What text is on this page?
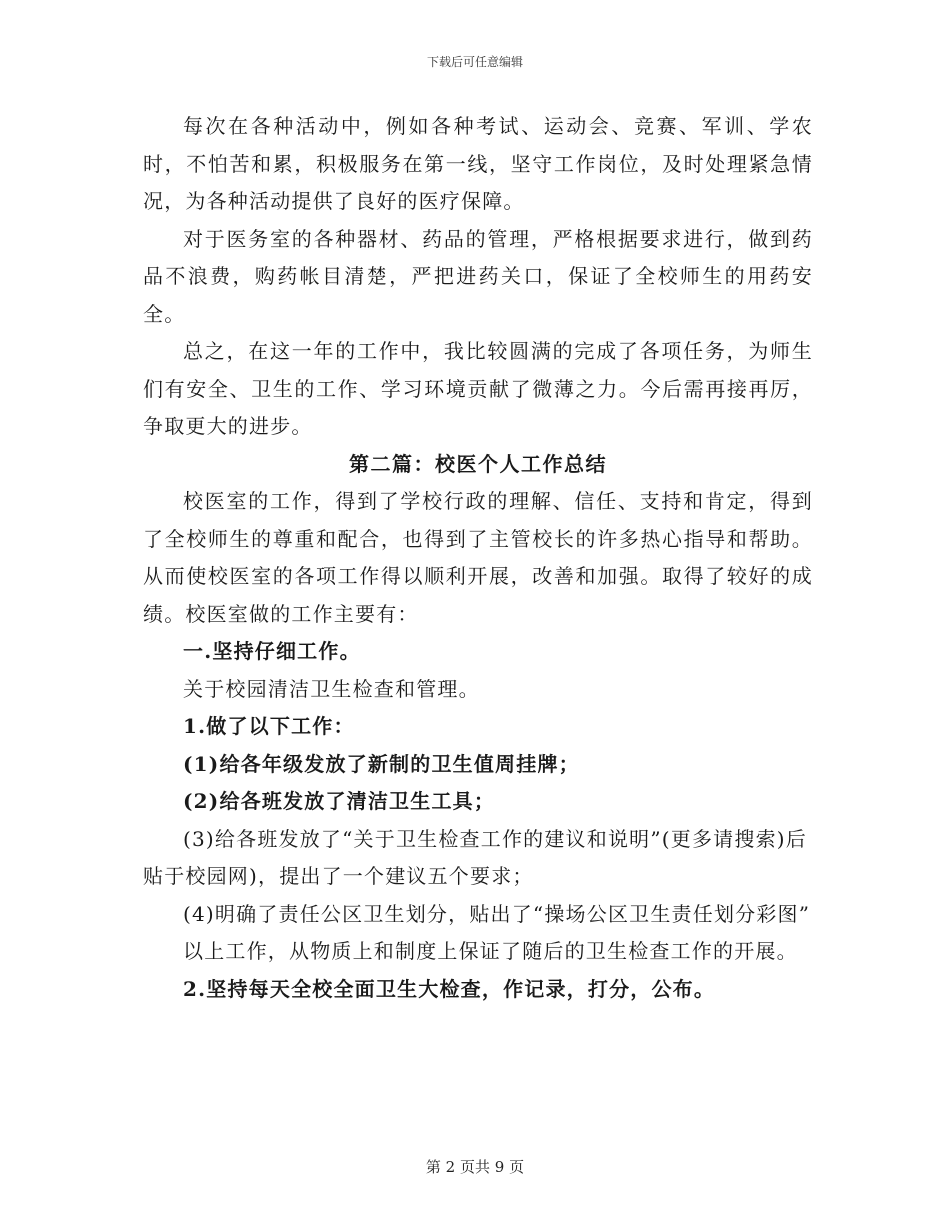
下载后可任意编辑

每次在各种活动中，例如各种考试、运动会、竞赛、军训、学农时，不怕苦和累，积极服务在第一线，坚守工作岗位，及时处理紧急情况，为各种活动提供了良好的医疗保障。

对于医务室的各种器材、药品的管理，严格根据要求进行，做到药品不浪费，购药帐目清楚，严把进药关口，保证了全校师生的用药安全。

总之，在这一年的工作中，我比较圆满的完成了各项任务，为师生们有安全、卫生的工作、学习环境贡献了微薄之力。今后需再接再厉，争取更大的进步。

第二篇：校医个人工作总结

校医室的工作，得到了学校行政的理解、信任、支持和肯定，得到了全校师生的尊重和配合，也得到了主管校长的许多热心指导和帮助。从而使校医室的各项工作得以顺利开展，改善和加强。取得了较好的成绩。校医室做的工作主要有：

一.坚持仔细工作。

关于校园清洁卫生检查和管理。

1.做了以下工作：

(1)给各年级发放了新制的卫生值周挂牌；

(2)给各班发放了清洁卫生工具；

(3)给各班发放了“关于卫生检查工作的建议和说明”(更多请搜索)后贴于校园网)，提出了一个建议五个要求；

(4)明确了责任公区卫生划分，贴出了“操场公区卫生责任划分彩图”

以上工作，从物质上和制度上保证了随后的卫生检查工作的开展。

2.坚持每天全校全面卫生大检查，作记录，打分，公布。

第 2 页共 9 页
